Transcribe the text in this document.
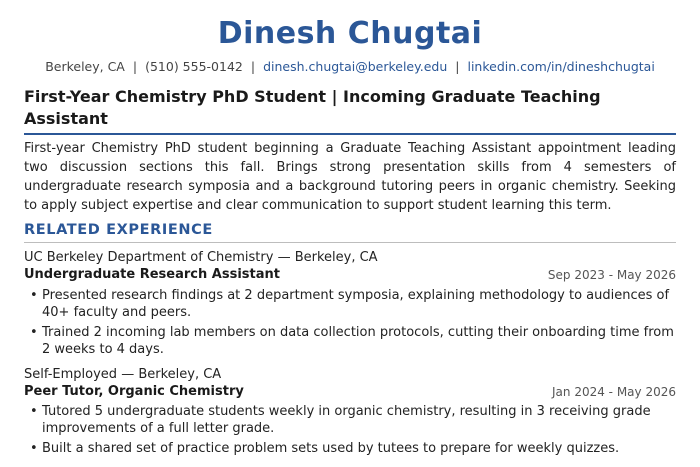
Dinesh Chugtai
Berkeley, CA | (510) 555-0142 | dinesh.chugtai@berkeley.edu | linkedin.com/in/dineshchugtai
First-Year Chemistry PhD Student | Incoming Graduate Teaching Assistant
First-year Chemistry PhD student beginning a Graduate Teaching Assistant appointment leading two discussion sections this fall. Brings strong presentation skills from 4 semesters of undergraduate research symposia and a background tutoring peers in organic chemistry. Seeking to apply subject expertise and clear communication to support student learning this term.
RELATED EXPERIENCE
UC Berkeley Department of Chemistry — Berkeley, CA
Undergraduate Research Assistant	Sep 2023 - May 2026
• Presented research findings at 2 department symposia, explaining methodology to audiences of 40+ faculty and peers.
• Trained 2 incoming lab members on data collection protocols, cutting their onboarding time from 2 weeks to 4 days.
Self-Employed — Berkeley, CA
Peer Tutor, Organic Chemistry	Jan 2024 - May 2026
• Tutored 5 undergraduate students weekly in organic chemistry, resulting in 3 receiving grade improvements of a full letter grade.
• Built a shared set of practice problem sets used by tutees to prepare for weekly quizzes.
